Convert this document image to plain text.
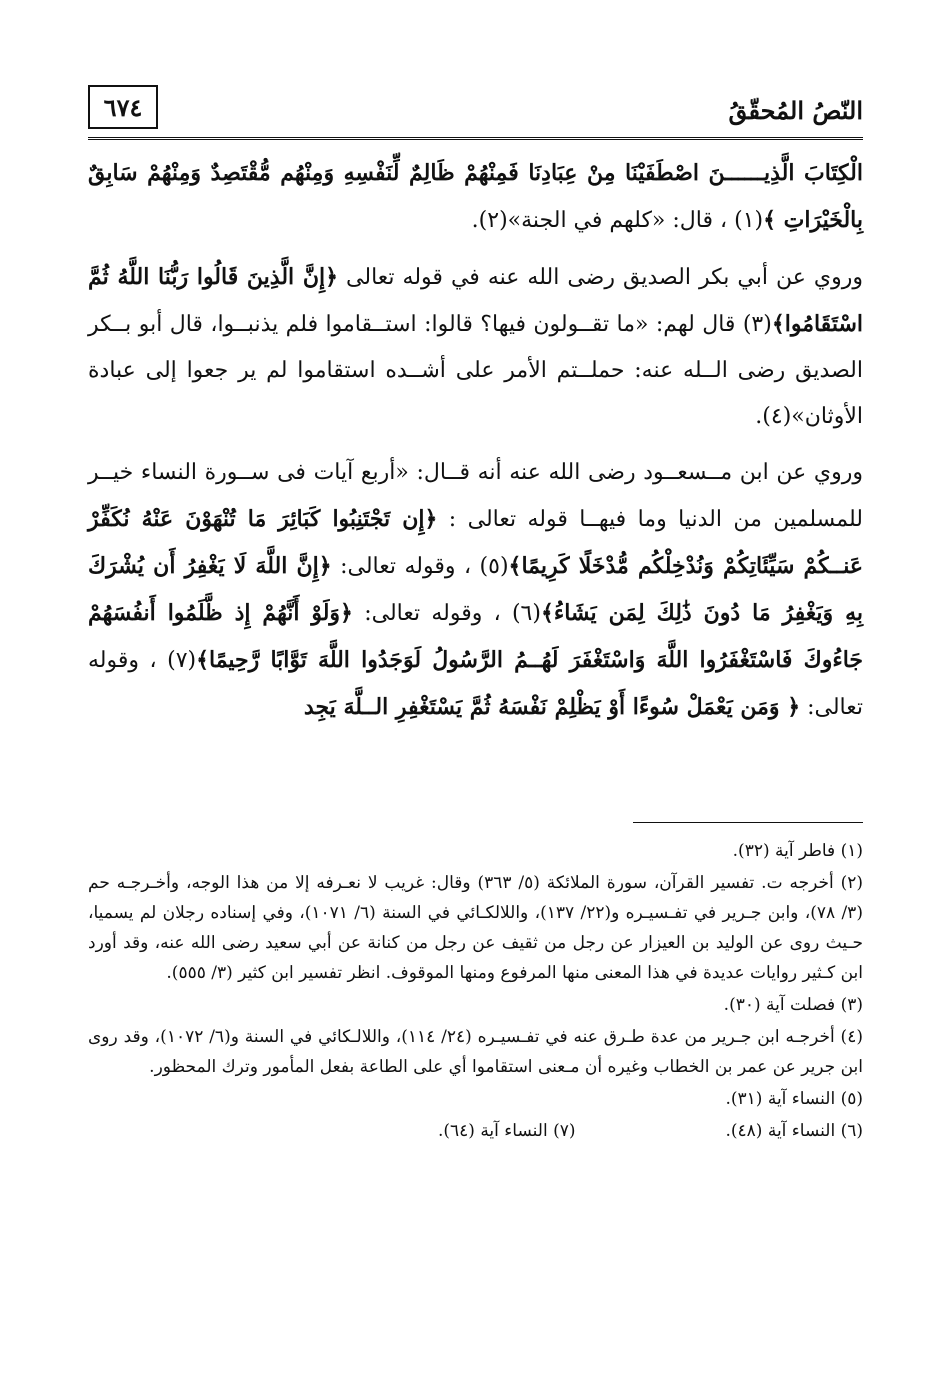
النّصُ المُحقّقُ
٦٧٤

الْكِتَابَ الَّذِيــــــنَ اصْطَفَيْنَا مِنْ عِبَادِنَا فَمِنْهُمْ ظَالِمٌ لِّنَفْسِهِ وَمِنْهُم مُّقْتَصِدٌ وَمِنْهُمْ سَابِقٌ بِالْخَيْرَاتِ ﴾(١) ، قال: «كلهم في الجنة»(٢).

وروي عن أبي بكر الصديق رضى الله عنه في قوله تعالى ﴿إِنَّ الَّذِينَ قَالُوا رَبُّنَا اللَّهُ ثُمَّ اسْتَقَامُوا﴾(٣) قال لهم: «ما تقــولون فيها؟ قالوا: استــقاموا فلم يذنبــوا، قال أبو بــكر الصديق رضى الــله عنه: حملــتم الأمر على أشــده استقاموا لم ير جعوا إلى عبادة الأوثان»(٤).

وروي عن ابن مــسعــود رضى الله عنه أنه قــال: «أربع آيات فى ســورة النساء خيــر للمسلمين من الدنيا وما فيهــا قوله تعالى : ﴿إِن تَجْتَنِبُوا كَبَائِرَ مَا تُنْهَوْنَ عَنْهُ نُكَفِّرْ عَنــكُمْ سَيِّئَاتِكُمْ وَنُدْخِلْكُم مُّدْخَلًا كَرِيمًا﴾(٥) ، وقوله تعالى: ﴿إِنَّ اللَّهَ لَا يَغْفِرُ أَن يُشْرَكَ بِهِ وَيَغْفِرُ مَا دُونَ ذَٰلِكَ لِمَن يَشَاءُ﴾(٦) ، وقوله تعالى: ﴿وَلَوْ أَنَّهُمْ إِذ ظَّلَمُوا أَنفُسَهُمْ جَاءُوكَ فَاسْتَغْفَرُوا اللَّهَ وَاسْتَغْفَرَ لَهُــمُ الرَّسُولُ لَوَجَدُوا اللَّهَ تَوَّابًا رَّحِيمًا﴾(٧) ، وقوله تعالى: ﴿ وَمَن يَعْمَلْ سُوءًا أَوْ يَظْلِمْ نَفْسَهُ ثُمَّ يَسْتَغْفِرِ الــلَّهَ يَجِد

(١) فاطر آية (٣٢).
(٢) أخرجه ت. تفسير القرآن، سورة الملائكة (٥/ ٣٦٣) وقال: غريب لا نعـرفه إلا من هذا الوجه، وأخـرجـه حم (٣/ ٧٨)، وابن جـرير في تفـسيـره و(٢٢/ ١٣٧)، واللالكـائي في السنة (٦/ ١٠٧١)، وفي إسناده رجلان لم يسميا، حـيث روى عن الوليد بن العيزار عن رجل من ثقيف عن رجل من كنانة عن أبي سعيد رضى الله عنه، وقد أورد ابن كـثير روايات عديدة في هذا المعنى منها المرفوع ومنها الموقوف. انظر تفسير ابن كثير (٣/ ٥٥٥).
(٣) فصلت آية (٣٠).
(٤) أخرجـه ابن جـرير من عدة طـرق عنه في تفـسيـره (٢٤/ ١١٤)، واللالـكائي في السنة و(٦/ ١٠٧٢)، وقد روى ابن جرير عن عمر بن الخطاب وغيره أن مـعنى استقاموا أي على الطاعة بفعل المأمور وترك المحظور.
(٥) النساء آية (٣١).
(٦) النساء آية (٤٨).
(٧) النساء آية (٦٤).
